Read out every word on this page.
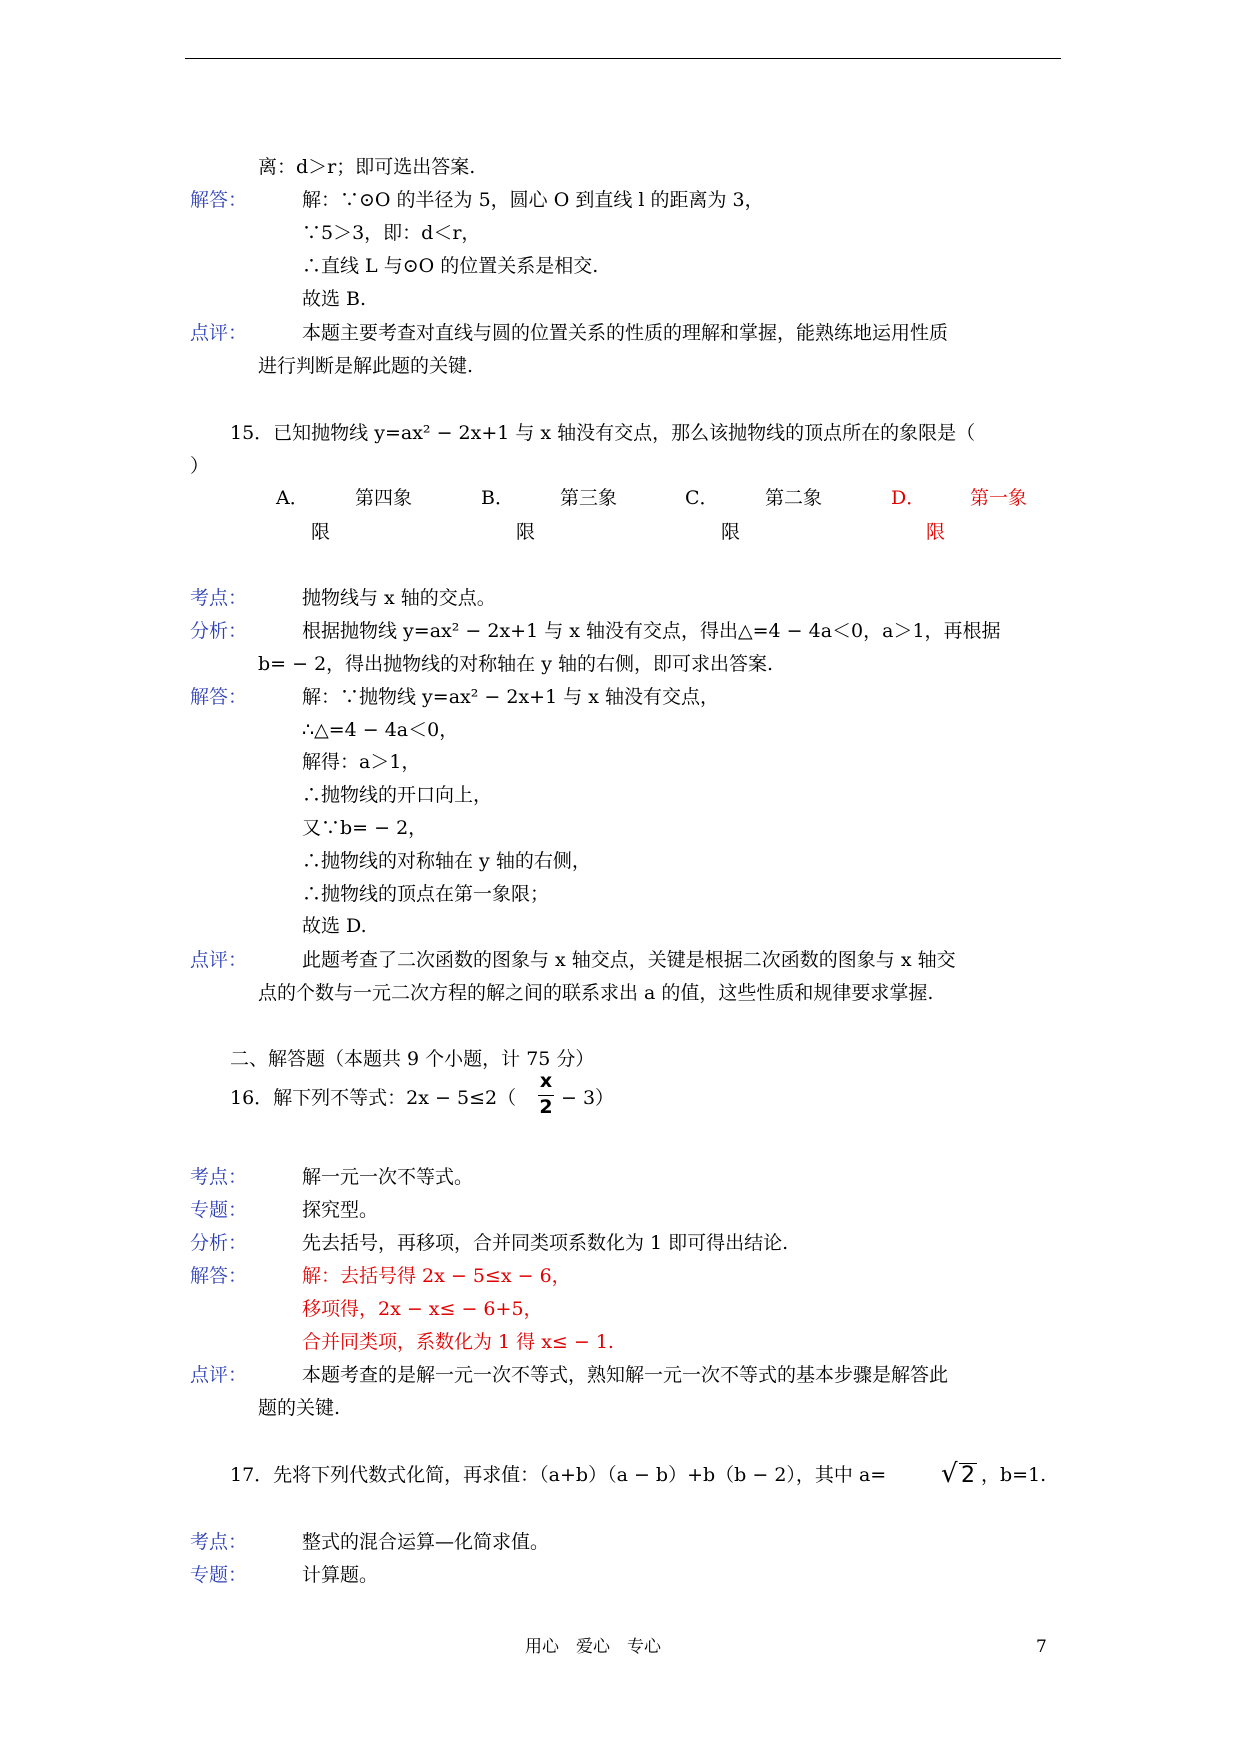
离：d＞r；即可选出答案.
解答：	解：∵⊙O 的半径为 5，圆心 O 到直线 l 的距离为 3，
∵5＞3，即：d＜r，
∴直线 L 与⊙O 的位置关系是相交.
故选 B.
点评：	本题主要考查对直线与圆的位置关系的性质的理解和掌握，能熟练地运用性质
进行判断是解此题的关键.
15．已知抛物线 y=ax² − 2x+1 与 x 轴没有交点，那么该抛物线的顶点所在的象限是（
）
A． 第四象
限
B． 第三象
限
C． 第二象
限
D． 第一象
限
考点：	抛物线与 x 轴的交点。
分析：	根据抛物线 y=ax² − 2x+1 与 x 轴没有交点，得出△=4 − 4a＜0，a＞1，再根据
b= − 2，得出抛物线的对称轴在 y 轴的右侧，即可求出答案.
解答：	解：∵抛物线 y=ax² − 2x+1 与 x 轴没有交点，
∴△=4 − 4a＜0，
解得：a＞1，
∴抛物线的开口向上，
又∵b= − 2，
∴抛物线的对称轴在 y 轴的右侧，
∴抛物线的顶点在第一象限；
故选 D.
点评：	此题考查了二次函数的图象与 x 轴交点，关键是根据二次函数的图象与 x 轴交
点的个数与一元二次方程的解之间的联系求出 a 的值，这些性质和规律要求掌握.
二、解答题（本题共 9 个小题，计 75 分）
16．解下列不等式：2x − 5≤2（
x
2 − 3）
考点：	解一元一次不等式。
专题：	探究型。
分析：	先去括号，再移项，合并同类项系数化为 1 即可得出结论.
解答：	解：去括号得 2x − 5≤x − 6，
移项得，2x − x≤ − 6+5，
合并同类项，系数化为 1 得 x≤ − 1.
点评：	本题考查的是解一元一次不等式，熟知解一元一次不等式的基本步骤是解答此
题的关键.
17．先将下列代数式化简，再求值：（a+b）（a − b）+b（b − 2），其中 a= √ 2 ，b=1.
考点：	整式的混合运算—化简求值。
专题：	计算题。
用心　爱心　专心	7
